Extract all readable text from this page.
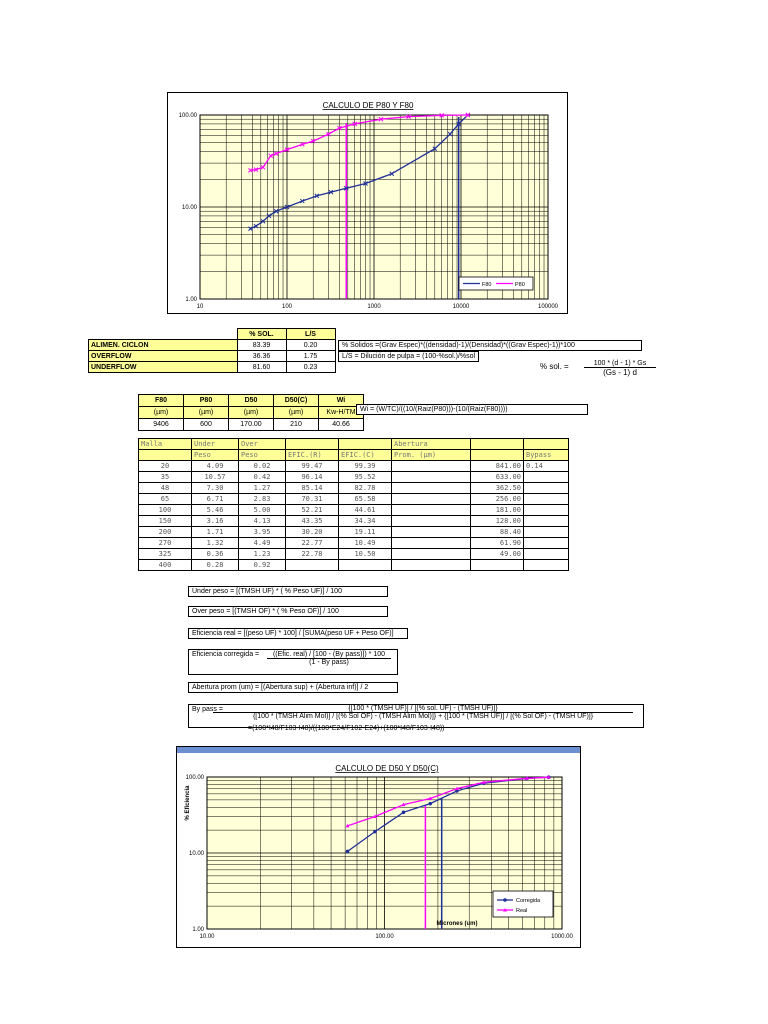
CALCULO DE P80 Y F80
100.00
10.00
1.00
10	100	1000	10000	100000
F80	P80
	% SOL.	L/S
ALIMEN. CICLON	83.39	0.20
OVERFLOW	36.36	1.75
UNDERFLOW	81.60	0.23
% Solidos =(Grav Espec)*((densidad)-1)/(Densidad)*((Grav Espec)-1))*100
L/S = Dilución de pulpa = (100-%sol.)/%sol
% sol. = $\frac{100 * (d - 1) * Gs}{(Gs - 1) d}$
F80	P80	D50	D50(C)	Wi
(µm)	(µm)	(µm)	(µm)	Kw-H/TM
9406	600	170.00	210	40.66
Wi = (W/TC)/((10/(Raiz(P80)))-(10/(Raiz(F80))))
Malla	Under	Over			Abertura		
	Peso	Peso	EFIC.(R)	EFIC.(C)	Prom. (µm)		Bypass
20	4.09	0.02	99.47	99.39		841.00	0.14
35	10.57	0.42	96.14	95.52		633.00	
48	7.30	1.27	85.14	82.78		362.50	
65	6.71	2.83	70.31	65.58		256.00	
100	5.46	5.00	52.21	44.61		181.00	
150	3.16	4.13	43.35	34.34		128.00	
200	1.71	3.95	30.20	19.11		88.40	
270	1.32	4.49	22.77	10.49		61.90	
325	0.36	1.23	22.78	10.50		49.00	
400	0.28	0.92					
Under peso = [(TMSH UF) * ( % Peso UF)] / 100
Over peso = [(TMSH OF) * ( % Peso OF)] / 100
Eficiencia real = [(peso UF) * 100] / [SUMA(peso UF + Peso OF)]
Eficiencia corregida =	((Efic. real) / [100 - (By pass)]) * 100
(1 - By pass)
Abertura prom (um) = [(Abertura sup) + (Abertura inf)] / 2
By pass =	{[100 * (TMSH UF)] / [(% sol. UF) - (TMSH UF)]}
{[100 * (TMSH Alim Mol)] / [(% Sol OF) - (TMSH Alim Mol)]} + {[100 * (TMSH UF)] / [(% Sol OF) - (TMSH UF)]}
=(100*I48/F103-I48)/((100*E24/F102-E24)+(100*I48/F103-I48))
CALCULO DE D50 Y D50(C)
100.00
10.00
1.00
10.00	100.00	1000.00
% Eficiencia
Micrones (um)
Corregida
Real
